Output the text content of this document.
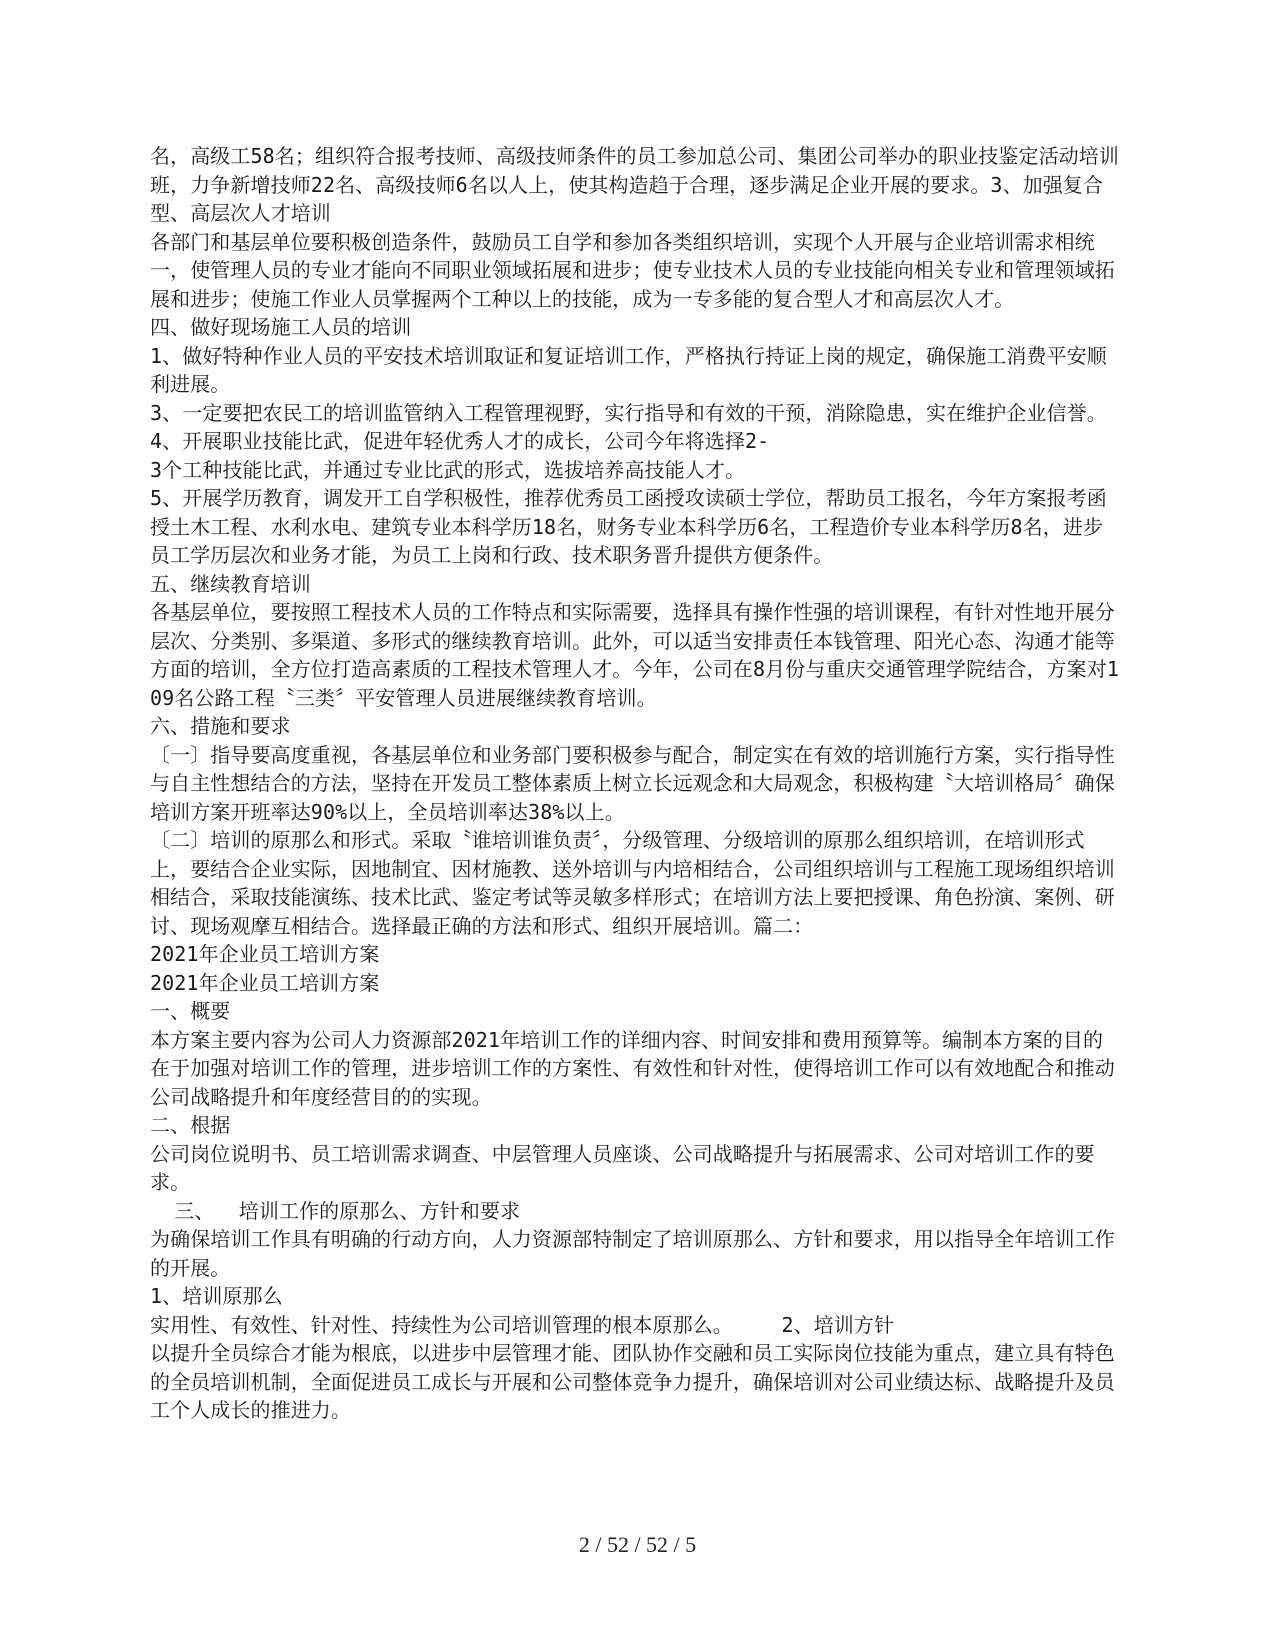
名，高级工58名；组织符合报考技师、高级技师条件的员工参加总公司、集团公司举办的职业技鉴定活动培训班，力争新增技师22名、高级技师6名以人上，使其构造趋于合理，逐步满足企业开展的要求。3、加强复合型、高层次人才培训

各部门和基层单位要积极创造条件，鼓励员工自学和参加各类组织培训，实现个人开展与企业培训需求相统一，使管理人员的专业才能向不同职业领域拓展和进步；使专业技术人员的专业技能向相关专业和管理领域拓展和进步；使施工作业人员掌握两个工种以上的技能，成为一专多能的复合型人才和高层次人才。

四、做好现场施工人员的培训

1、做好特种作业人员的平安技术培训取证和复证培训工作，严格执行持证上岗的规定，确保施工消费平安顺利进展。

3、一定要把农民工的培训监管纳入工程管理视野，实行指导和有效的干预，消除隐患，实在维护企业信誉。

4、开展职业技能比武，促进年轻优秀人才的成长，公司今年将选择2-

3个工种技能比武，并通过专业比武的形式，选拔培养高技能人才。

5、开展学历教育，调发开工自学积极性，推荐优秀员工函授攻读硕士学位，帮助员工报名，今年方案报考函授土木工程、水利水电、建筑专业本科学历18名，财务专业本科学历6名，工程造价专业本科学历8名，进步员工学历层次和业务才能，为员工上岗和行政、技术职务晋升提供方便条件。

五、继续教育培训

各基层单位，要按照工程技术人员的工作特点和实际需要，选择具有操作性强的培训课程，有针对性地开展分层次、分类别、多渠道、多形式的继续教育培训。此外，可以适当安排责任本钱管理、阳光心态、沟通才能等方面的培训，全方位打造高素质的工程技术管理人才。今年，公司在8月份与重庆交通管理学院结合，方案对109名公路工程〝三类〞平安管理人员进展继续教育培训。

六、措施和要求

〔一〕指导要高度重视，各基层单位和业务部门要积极参与配合，制定实在有效的培训施行方案，实行指导性与自主性想结合的方法，坚持在开发员工整体素质上树立长远观念和大局观念，积极构建〝大培训格局〞确保培训方案开班率达90%以上，全员培训率达38%以上。

〔二〕培训的原那么和形式。采取〝谁培训谁负责〞，分级管理、分级培训的原那么组织培训，在培训形式上，要结合企业实际，因地制宜、因材施教、送外培训与内培相结合，公司组织培训与工程施工现场组织培训相结合，采取技能演练、技术比武、鉴定考试等灵敏多样形式；在培训方法上要把授课、角色扮演、案例、研讨、现场观摩互相结合。选择最正确的方法和形式、组织开展培训。篇二：

2021年企业员工培训方案

2021年企业员工培训方案

一、概要

本方案主要内容为公司人力资源部2021年培训工作的详细内容、时间安排和费用预算等。编制本方案的目的在于加强对培训工作的管理，进步培训工作的方案性、有效性和针对性，使得培训工作可以有效地配合和推动公司战略提升和年度经营目的的实现。

二、根据

公司岗位说明书、员工培训需求调查、中层管理人员座谈、公司战略提升与拓展需求、公司对培训工作的要求。

三、  培训工作的原那么、方针和要求

为确保培训工作具有明确的行动方向，人力资源部特制定了培训原那么、方针和要求，用以指导全年培训工作的开展。

1、培训原那么

实用性、有效性、针对性、持续性为公司培训管理的根本原那么。    2、培训方针

以提升全员综合才能为根底，以进步中层管理才能、团队协作交融和员工实际岗位技能为重点，建立具有特色的全员培训机制，全面促进员工成长与开展和公司整体竞争力提升，确保培训对公司业绩达标、战略提升及员工个人成长的推进力。

2 / 52 / 52 / 5
